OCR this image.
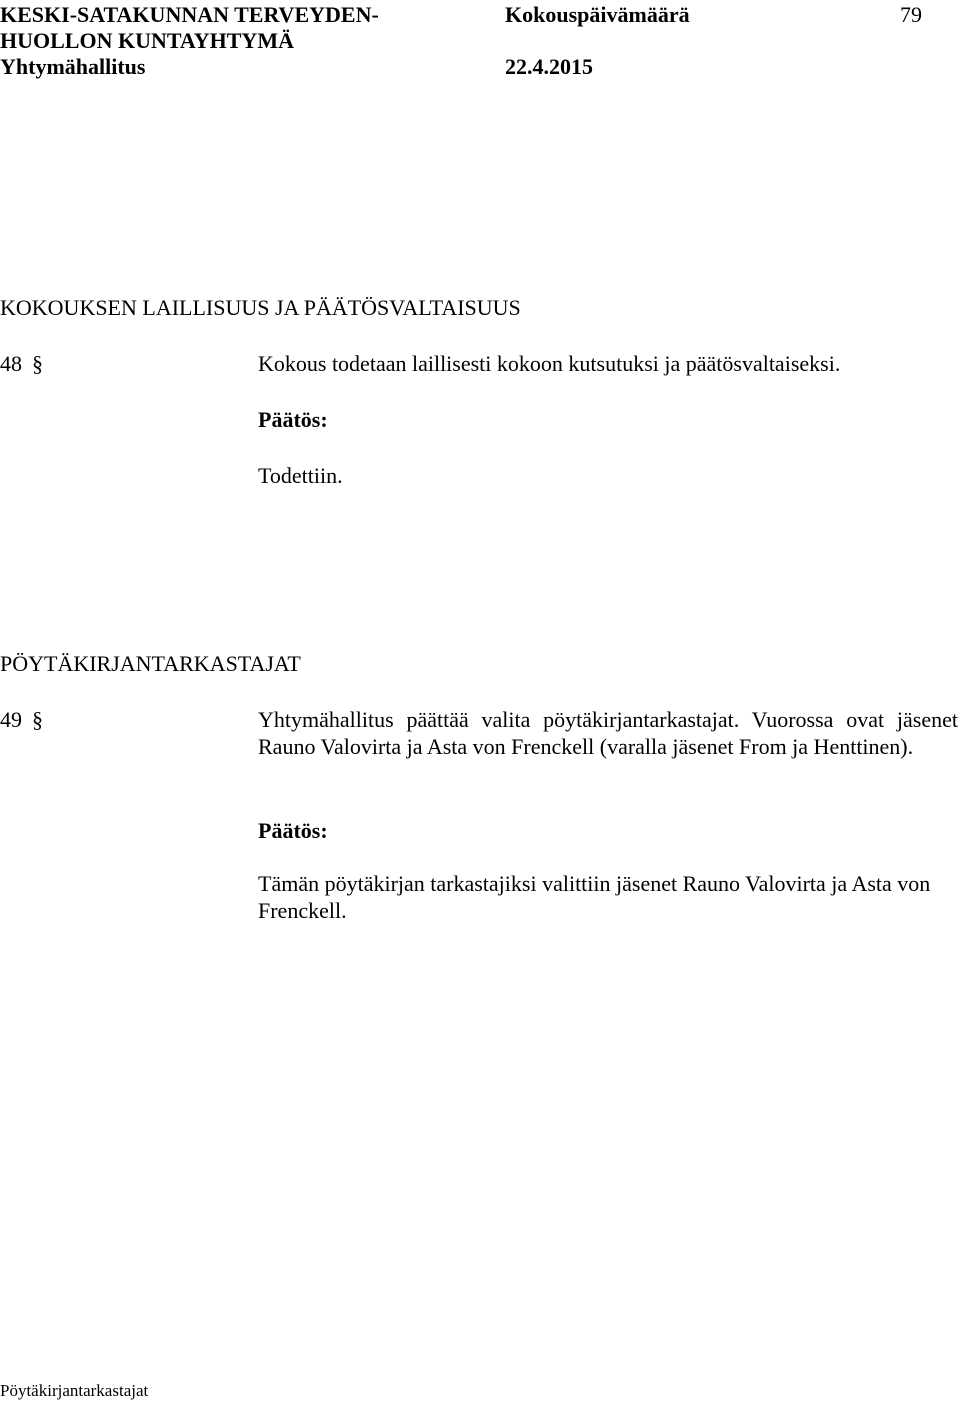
KESKI-SATAKUNNAN TERVEYDEN-
HUOLLON KUNTAYHTYMÄ
Yhtymähallitus
Kokouspäivämäärä
22.4.2015
79
KOKOUKSEN LAILLISUUS JA PÄÄTÖSVALTAISUUS
48 §	Kokous todetaan laillisesti kokoon kutsutuksi ja päätösvaltaiseksi.
Päätös:
Todettiin.
PÖYTÄKIRJANTARKASTAJAT
49 §	Yhtymähallitus päättää valita pöytäkirjantarkastajat. Vuorossa ovat jäsenet Rauno Valovirta ja Asta von Frenckell (varalla jäsenet From ja Henttinen).
Päätös:
Tämän pöytäkirjan tarkastajiksi valittiin jäsenet Rauno Valovirta ja Asta von Frenckell.
Pöytäkirjantarkastajat
